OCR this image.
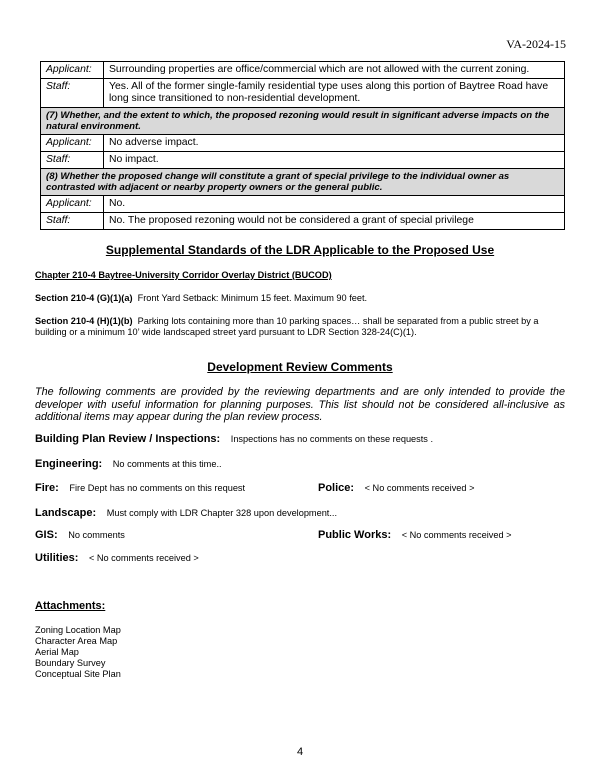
VA-2024-15
Applicant:	Surrounding properties are office/commercial which are not allowed with the current zoning.
Staff:	Yes. All of the former single-family residential type uses along this portion of Baytree Road have long since transitioned to non-residential development.
(7) Whether, and the extent to which, the proposed rezoning would result in significant adverse impacts on the natural environment.	
Applicant:	No adverse impact.
Staff:	No impact.
(8) Whether the proposed change will constitute a grant of special privilege to the individual owner as contrasted with adjacent or nearby property owners or the general public.	
Applicant:	No.
Staff:	No. The proposed rezoning would not be considered a grant of special privilege
Supplemental Standards of the LDR Applicable to the Proposed Use
Chapter 210-4 Baytree-University Corridor Overlay District (BUCOD)
Section 210-4 (G)(1)(a) Front Yard Setback: Minimum 15 feet. Maximum 90 feet.
Section 210-4 (H)(1)(b) Parking lots containing more than 10 parking spaces… shall be separated from a public street by a building or a minimum 10’ wide landscaped street yard pursuant to LDR Section 328-24(C)(1).
Development Review Comments
The following comments are provided by the reviewing departments and are only intended to provide the developer with useful information for planning purposes. This list should not be considered all-inclusive as additional items may appear during the plan review process.
Building Plan Review / Inspections: Inspections has no comments on these requests .
Engineering: No comments at this time..
Fire: Fire Dept has no comments on this request	Police: < No comments received >
Landscape: Must comply with LDR Chapter 328 upon development...
GIS: No comments	Public Works: < No comments received >
Utilities: < No comments received >
Attachments:
Zoning Location Map
Character Area Map
Aerial Map
Boundary Survey
Conceptual Site Plan
4
